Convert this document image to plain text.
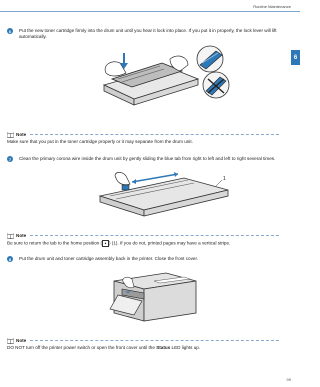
Routine Maintenance
6
6	Put the new toner cartridge firmly into the drum unit until you hear it lock into place. If you put it in properly, the lock lever will lift automatically.
Note
Make sure that you put in the toner cartridge properly or it may separate from the drum unit.
7	Clean the primary corona wire inside the drum unit by gently sliding the blue tab from right to left and left to right several times.
1
Note
Be sure to return the tab to the home position ( ▲ ) (1). If you do not, printed pages may have a vertical stripe.
8	Put the drum unit and toner cartridge assembly back in the printer. Close the front cover.
Note
DO NOT turn off the printer power switch or open the front cover until the Status LED lights up.
99
